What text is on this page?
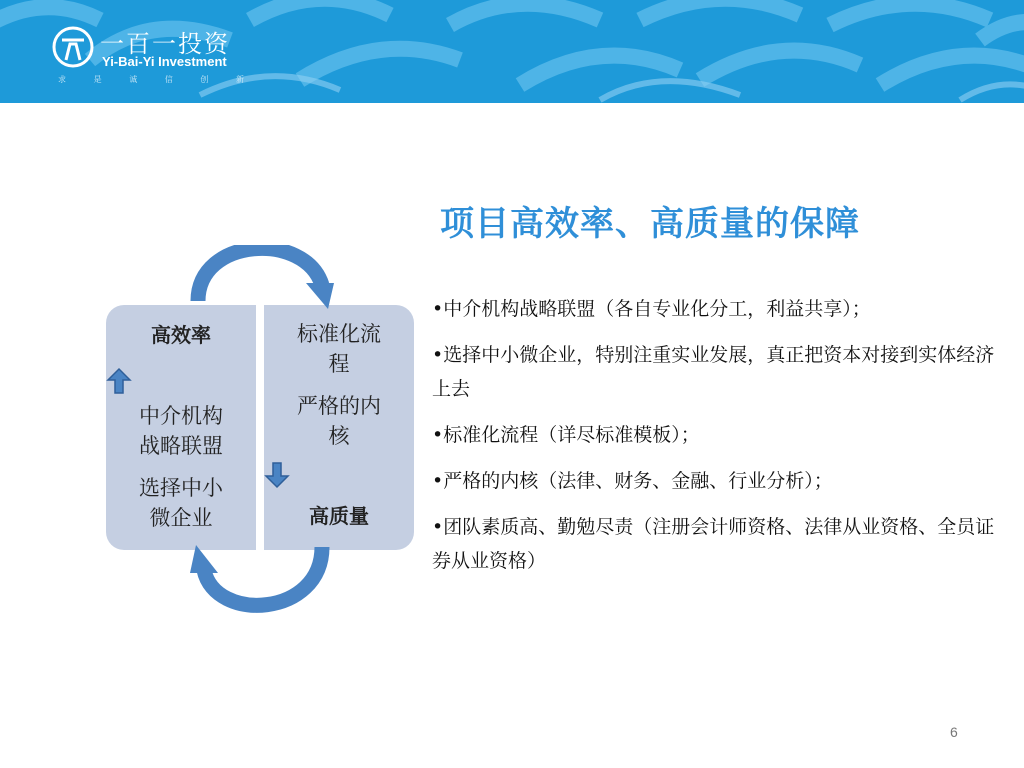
一百一投资
Yi-Bai-Yi Investment
求	是	诚	信	创	新
项目高效率、高质量的保障
高效率
中介机构
战略联盟
选择中小
微企业
标准化流
程
严格的内
核
高质量
•中介机构战略联盟（各自专业化分工，利益共享）；
•选择中小微企业，特别注重实业发展，真正把资本对接到实体经济上去
•标准化流程（详尽标准模板）；
•严格的内核（法律、财务、金融、行业分析）；
•团队素质高、勤勉尽责（注册会计师资格、法律从业资格、全员证券从业资格）
6
